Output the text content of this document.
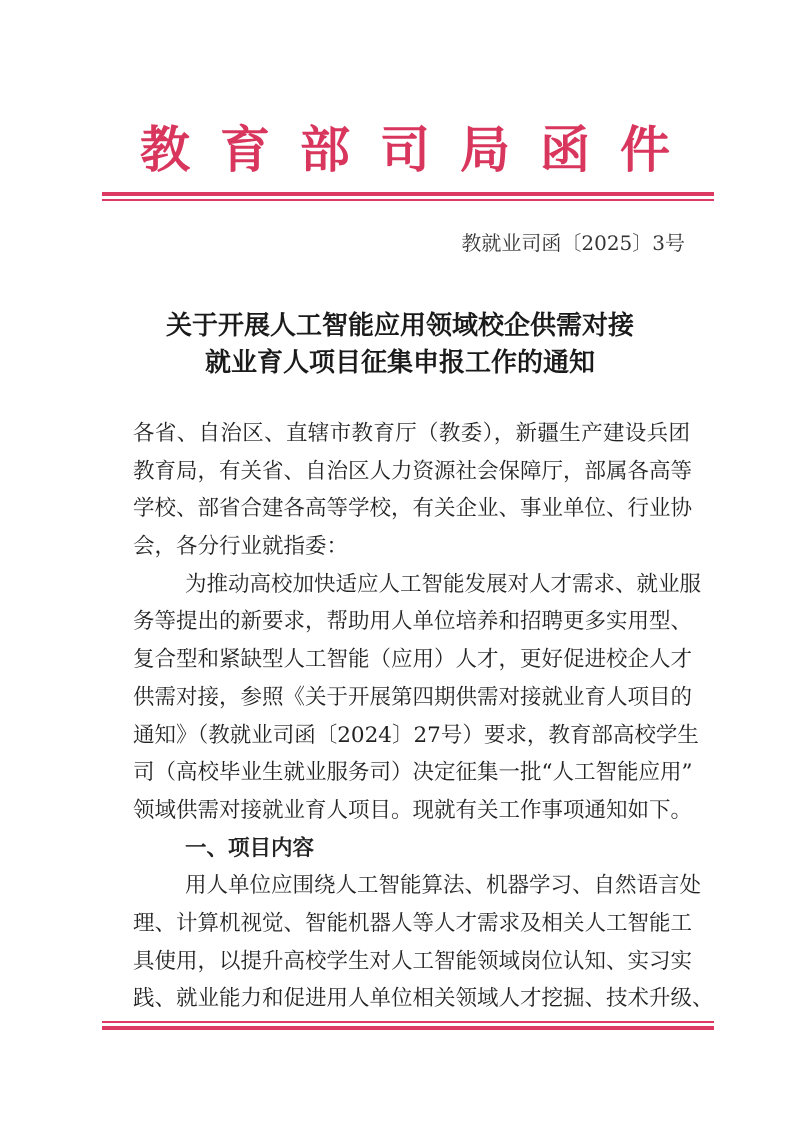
教 育 部 司 局 函 件
教就业司函〔2025〕3号
关于开展人工智能应用领域校企供需对接
就业育人项目征集申报工作的通知
各省、自治区、直辖市教育厅（教委），新疆生产建设兵团
教育局，有关省、自治区人力资源社会保障厅，部属各高等
学校、部省合建各高等学校，有关企业、事业单位、行业协
会，各分行业就指委：
为推动高校加快适应人工智能发展对人才需求、就业服
务等提出的新要求，帮助用人单位培养和招聘更多实用型、
复合型和紧缺型人工智能（应用）人才，更好促进校企人才
供需对接，参照《关于开展第四期供需对接就业育人项目的
通知》（教就业司函〔2024〕27号）要求，教育部高校学生
司（高校毕业生就业服务司）决定征集一批“人工智能应用”
领域供需对接就业育人项目。现就有关工作事项通知如下。
一、项目内容
用人单位应围绕人工智能算法、机器学习、自然语言处
理、计算机视觉、智能机器人等人才需求及相关人工智能工
具使用，以提升高校学生对人工智能领域岗位认知、实习实
践、就业能力和促进用人单位相关领域人才挖掘、技术升级、
